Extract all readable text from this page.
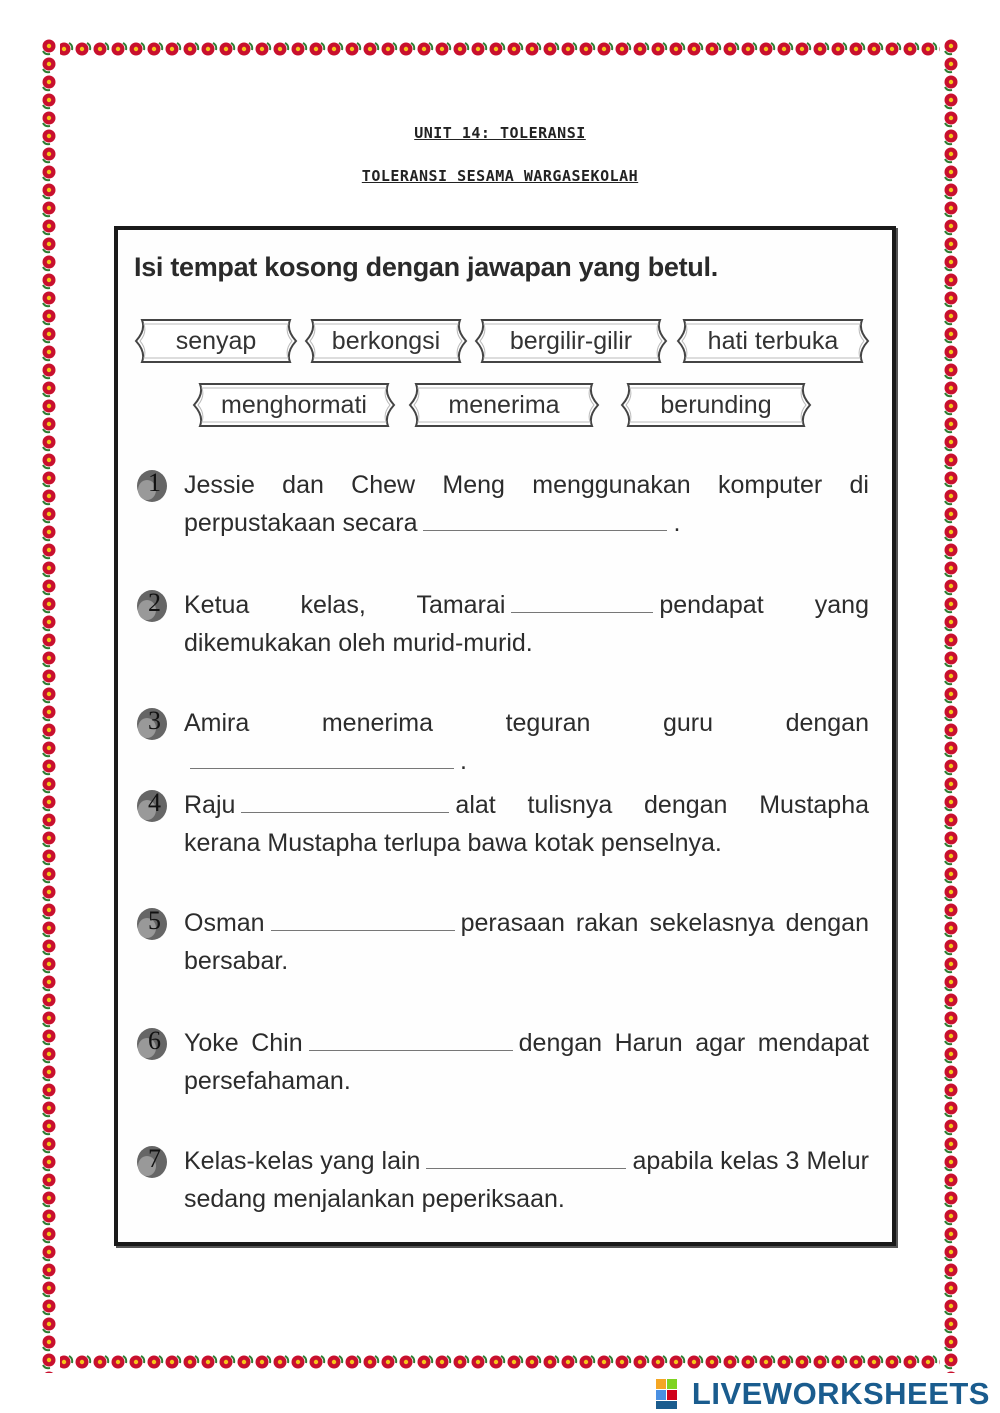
UNIT 14: TOLERANSI
TOLERANSI SESAMA WARGASEKOLAH
Isi tempat kosong dengan jawapan yang betul.
senyap	berkongsi	bergilir-gilir	hati terbuka
menghormati	menerima	berunding
1 Jessie dan Chew Meng menggunakan komputer di perpustakaan secara	.
2 Ketua kelas, Tamarai	pendapat yang dikemukakan oleh murid-murid.
3 Amira menerima teguran guru dengan.
4 Raju	alat tulisnya dengan Mustapha kerana Mustapha terlupa bawa kotak penselnya.
5 Osman	perasaan rakan sekelasnya dengan bersabar.
6 Yoke Chin	dengan Harun agar mendapat persefahaman.
7 Kelas-kelas yang lain	apabila kelas 3 Melur sedang menjalankan peperiksaan.
LIVEWORKSHEETS
